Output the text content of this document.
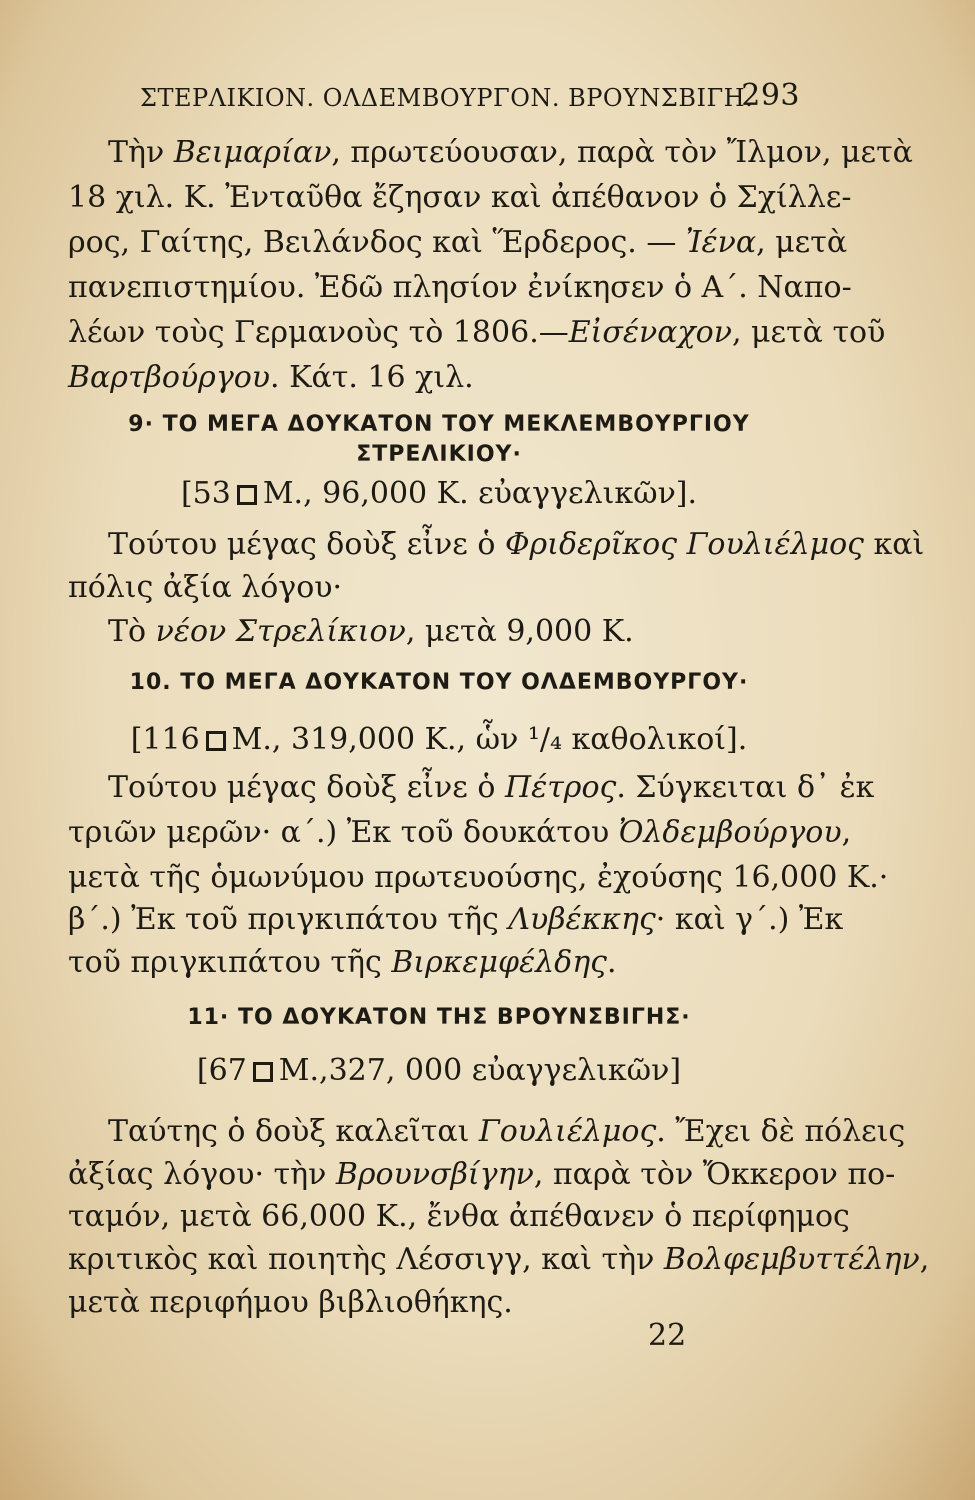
ΣΤΕΡΛΙΚΙΟΝ. ΟΛΔΕΜΒΟΥΡΓΟΝ. ΒΡΟΥΝΣΒΙΓΗ.
293
Τὴν Βειμαρίαν, πρωτεύουσαν, παρὰ τὸν Ἴλμον, μετὰ
18 χιλ. Κ. Ἐνταῦθα ἔζησαν καὶ ἀπέθανον ὁ Σχίλλε-
ρος, Γαίτης, Βειλάνδος καὶ Ἕρδερος. — Ἰένα, μετὰ
πανεπιστημίου. Ἐδῶ πλησίον ἐνίκησεν ὁ Α΄. Ναπο-
λέων τοὺς Γερμανοὺς τὸ 1806.—Εἰσέναχον, μετὰ τοῦ
Βαρτβούργου. Κάτ. 16 χιλ.
9· ΤΟ ΜΕΓΑ ΔΟΥΚΑΤΟΝ ΤΟΥ ΜΕΚΛΕΜΒΟΥΡΓΙΟΥ
ΣΤΡΕΛΙΚΙΟΥ·
[53 Μ., 96,000 Κ. εὐαγγελικῶν].
Τούτου μέγας δοὺξ εἶνε ὁ Φριδερῖκος Γουλιέλμος καὶ
πόλις ἀξία λόγου·
Τὸ νέον Στρελίκιον, μετὰ 9,000 Κ.
10. ΤΟ ΜΕΓΑ ΔΟΥΚΑΤΟΝ ΤΟΥ ΟΛΔΕΜΒΟΥΡΓΟΥ·
[116 Μ., 319,000 Κ., ὧν ¹/₄ καθολικοί].
Τούτου μέγας δοὺξ εἶνε ὁ Πέτρος. Σύγκειται δ᾽ ἐκ
τριῶν μερῶν· α΄.) Ἐκ τοῦ δουκάτου Ὀλδεμβούργου,
μετὰ τῆς ὁμωνύμου πρωτευούσης, ἐχούσης 16,000 Κ.·
β΄.) Ἐκ τοῦ πριγκιπάτου τῆς Λυβέκκης· καὶ γ΄.) Ἐκ
τοῦ πριγκιπάτου τῆς Βιρκεμφέλδης.
11· ΤΟ ΔΟΥΚΑΤΟΝ ΤΗΣ ΒΡΟΥΝΣΒΙΓΗΣ·
[67 Μ.,327, 000 εὐαγγελικῶν]
Ταύτης ὁ δοὺξ καλεῖται Γουλιέλμος. Ἔχει δὲ πόλεις
ἀξίας λόγου· τὴν Βρουνσβίγην, παρὰ τὸν Ὄκκερον πο-
ταμόν, μετὰ 66,000 Κ., ἔνθα ἀπέθανεν ὁ περίφημος
κριτικὸς καὶ ποιητὴς Λέσσιγγ, καὶ τὴν Βολφεμβυττέλην,
μετὰ περιφήμου βιβλιοθήκης.
22
